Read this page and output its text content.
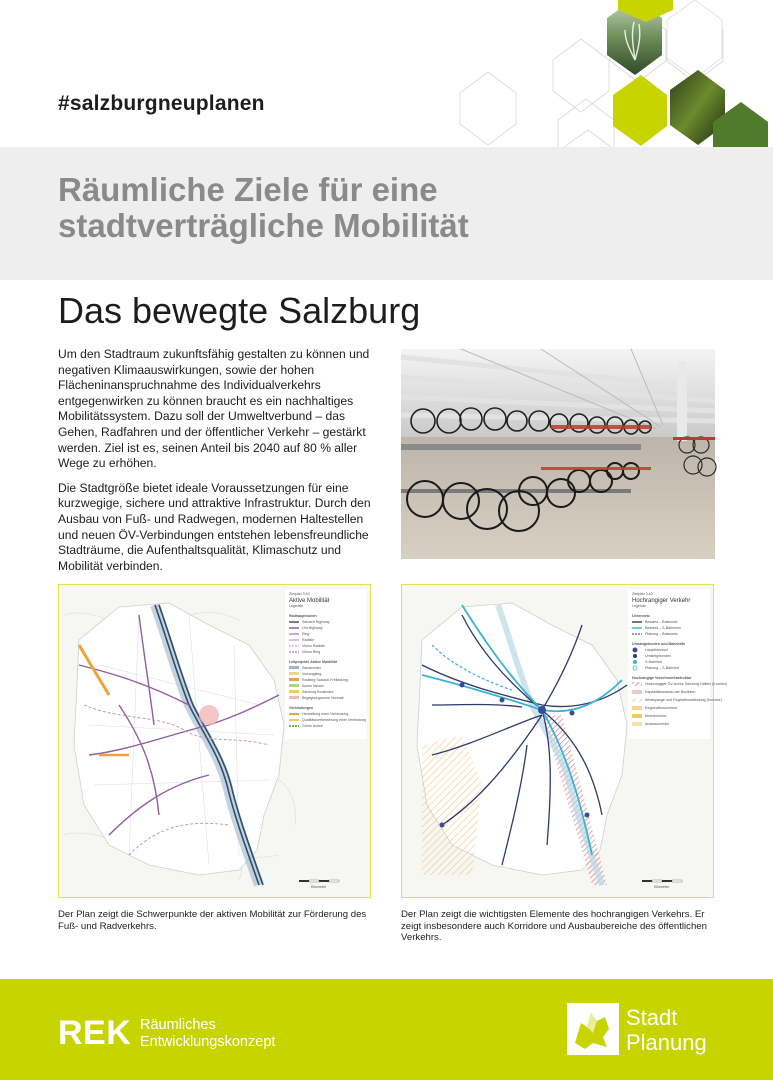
#salzburgneuplanen
Räumliche Ziele für eine
stadtverträgliche Mobilität
Das bewegte Salzburg

Um den Stadtraum zukunftsfähig gestalten zu können und negativen Klimaauswirkungen, sowie der hohen Flächeninanspruchnahme des Individualverkehrs entgegenwirken zu können braucht es ein nachhaltiges Mobilitätssystem. Dazu soll der Umweltverbund – das Gehen, Radfahren und der öffentlicher Verkehr – gestärkt werden. Ziel ist es, seinen Anteil bis 2040 auf 80 % aller Wege zu erhöhen.

Die Stadtgröße bietet ideale Voraussetzungen für eine kurzwegige, sichere und attraktive Infrastruktur. Durch den Ausbau von Fuß- und Radwegen, modernen Haltestellen und neuen ÖV-Verbindungen entstehen lebensfreundliche Stadträume, die Aufenthaltsqualität, Klimaschutz und Mobilität verbinden.

Zielplan 3.40
Aktive Mobilität
Legende
Radhauptrouten
Salzach Highway
Um-Highway
Ring
Radiale
Vision Radiale
Vision Ring
Leitprojekte Aktive Mobilität
Salzachufer
Vorrangsteg
Radsteg Salzach-Freilassing
Achse Neutor
Salzburg Boulevard
Begegnungszone Nonntal
Verbindungen
Herstellung einer Verbindung
Qualitätsverbesserung einer Verbindung
Grüne Achse
Kilometer
Zielplan 3.40
Hochrangiger Verkehr
Legende
Liniennetz
Bestand – Basisnetz
Bestand – S-Bahnnetz
Planung – Basisnetz
Umsteigeknoten und Bahnhöfe
Hauptbahnhof
Umsteigeknoten
S-Bahnhof
Planung – S-Bahnhof
Hochrangige Verkehrsinfrastruktur
Hochrangiger ÖV-Achse Salzburg-Hallein (Korridor)
Kapazitätsausbau der Buslinien
Westspange und Flughafenanbindung (Korridor)
Regionalbuskorridor
Metrokorridor
Ausbaukorridor
Kilometer
Der Plan zeigt die Schwerpunkte der aktiven Mobilität zur Förderung des Fuß- und Radverkehrs.
Der Plan zeigt die wichtigsten Elemente des hochrangigen Verkehrs. Er zeigt insbesondere auch Korridore und Ausbaubereiche des öffentlichen Verkehrs.
REK Räumliches
Entwicklungskonzept
Stadt
Planung
